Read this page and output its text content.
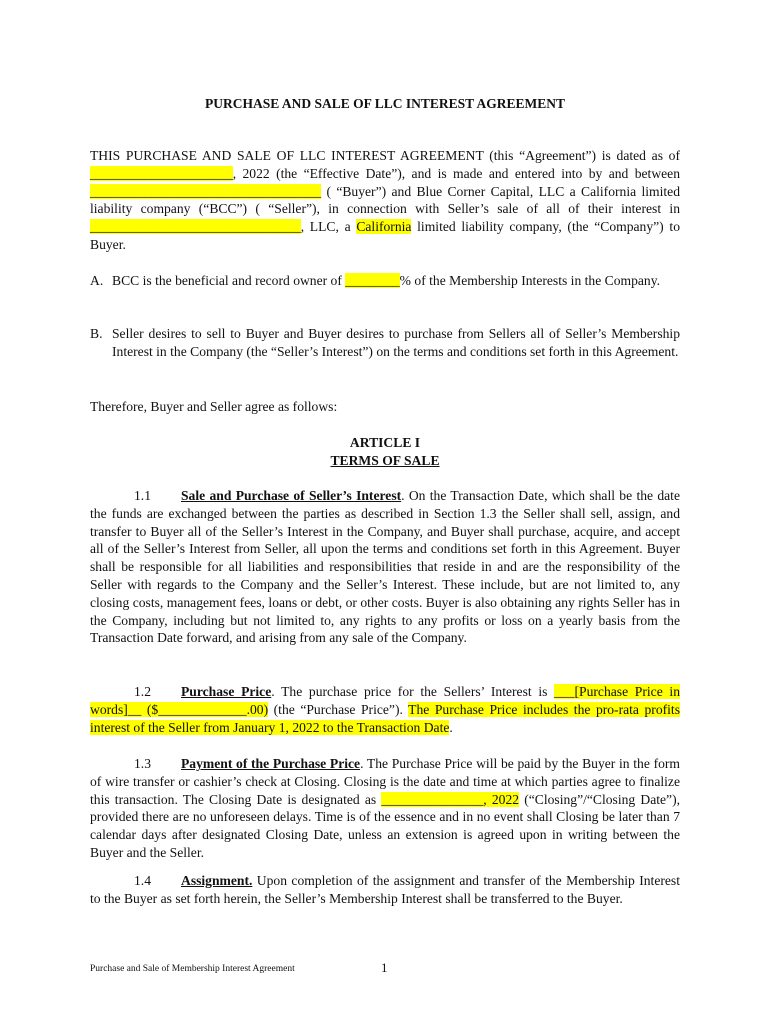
PURCHASE AND SALE OF LLC INTEREST AGREEMENT
THIS PURCHASE AND SALE OF LLC INTEREST AGREEMENT (this “Agreement”) is dated as of _____________________, 2022 (the “Effective Date”), and is made and entered into by and between __________________________________ ( “Buyer”) and Blue Corner Capital, LLC a California limited liability company (“BCC”) ( “Seller”), in connection with Seller’s sale of all of their interest in _______________________________, LLC, a California limited liability company, (the “Company”) to Buyer.
A. BCC is the beneficial and record owner of ________% of the Membership Interests in the Company.
B. Seller desires to sell to Buyer and Buyer desires to purchase from Sellers all of Seller’s Membership Interest in the Company (the “Seller’s Interest”) on the terms and conditions set forth in this Agreement.
Therefore, Buyer and Seller agree as follows:
ARTICLE I
TERMS OF SALE
1.1 Sale and Purchase of Seller’s Interest. On the Transaction Date, which shall be the date the funds are exchanged between the parties as described in Section 1.3 the Seller shall sell, assign, and transfer to Buyer all of the Seller’s Interest in the Company, and Buyer shall purchase, acquire, and accept all of the Seller’s Interest from Seller, all upon the terms and conditions set forth in this Agreement. Buyer shall be responsible for all liabilities and responsibilities that reside in and are the responsibility of the Seller with regards to the Company and the Seller’s Interest. These include, but are not limited to, any closing costs, management fees, loans or debt, or other costs. Buyer is also obtaining any rights Seller has in the Company, including but not limited to, any rights to any profits or loss on a yearly basis from the Transaction Date forward, and arising from any sale of the Company.
1.2 Purchase Price. The purchase price for the Sellers’ Interest is ___[Purchase Price in words]__ ($_____________.00) (the “Purchase Price”). The Purchase Price includes the pro-rata profits interest of the Seller from January 1, 2022 to the Transaction Date.
1.3 Payment of the Purchase Price. The Purchase Price will be paid by the Buyer in the form of wire transfer or cashier’s check at Closing. Closing is the date and time at which parties agree to finalize this transaction. The Closing Date is designated as _______________, 2022 (“Closing”/“Closing Date”), provided there are no unforeseen delays. Time is of the essence and in no event shall Closing be later than 7 calendar days after designated Closing Date, unless an extension is agreed upon in writing between the Buyer and the Seller.
1.4 Assignment. Upon completion of the assignment and transfer of the Membership Interest to the Buyer as set forth herein, the Seller’s Membership Interest shall be transferred to the Buyer.
Purchase and Sale of Membership Interest Agreement	1
